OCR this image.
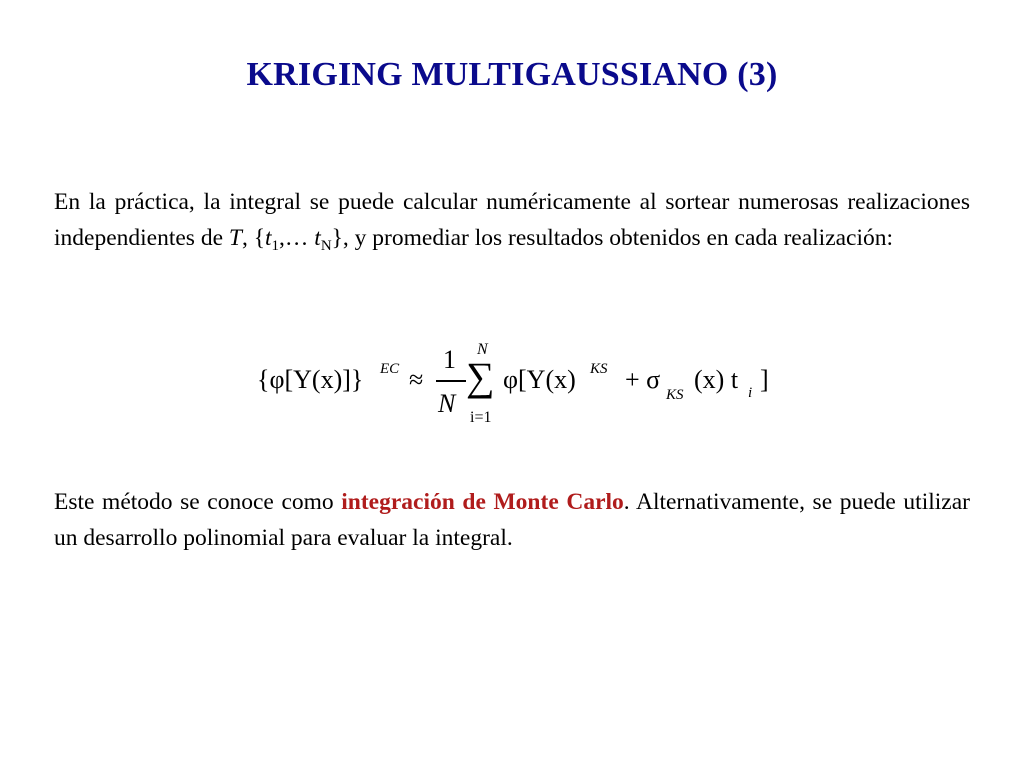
KRIGING MULTIGAUSSIANO (3)
En la práctica, la integral se puede calcular numéricamente al sortear numerosas realizaciones independientes de T, {$t_1,\dots$ $t_N$}, y promediar los resultados obtenidos en cada realización:
{φ[Y(x)]} EC ≈
1
N
N
∑
i=1
φ[Y(x) KS + σ
KS
(x) t i ]
Este método se conoce como integración de Monte Carlo. Alternativamente, se puede utilizar un desarrollo polinomial para evaluar la integral.
